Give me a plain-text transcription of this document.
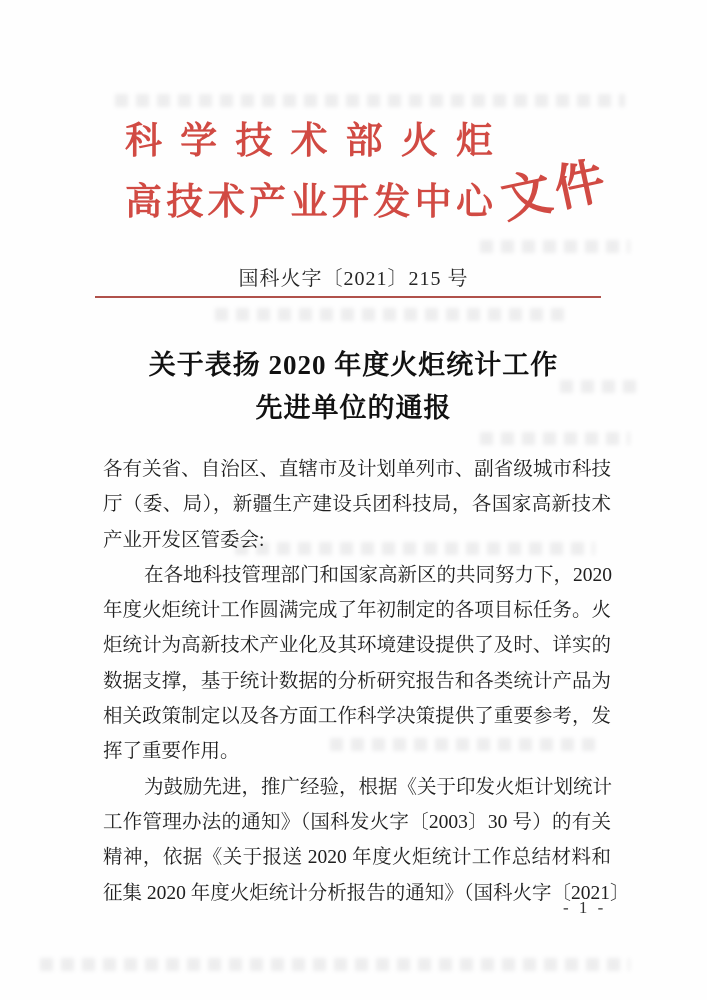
科学技术部火炬
高技术产业开发中心 文件
国科火字〔2021〕215 号
关于表扬 2020 年度火炬统计工作
先进单位的通报
各有关省、自治区、直辖市及计划单列市、副省级城市科技
厅（委、局），新疆生产建设兵团科技局，各国家高新技术
产业开发区管委会:
在各地科技管理部门和国家高新区的共同努力下，2020
年度火炬统计工作圆满完成了年初制定的各项目标任务。火
炬统计为高新技术产业化及其环境建设提供了及时、详实的
数据支撑，基于统计数据的分析研究报告和各类统计产品为
相关政策制定以及各方面工作科学决策提供了重要参考，发
挥了重要作用。
为鼓励先进，推广经验，根据《关于印发火炬计划统计
工作管理办法的通知》（国科发火字〔2003〕30 号）的有关
精神，依据《关于报送 2020 年度火炬统计工作总结材料和
征集 2020 年度火炬统计分析报告的通知》（国科火字〔2021〕
- 1 -
